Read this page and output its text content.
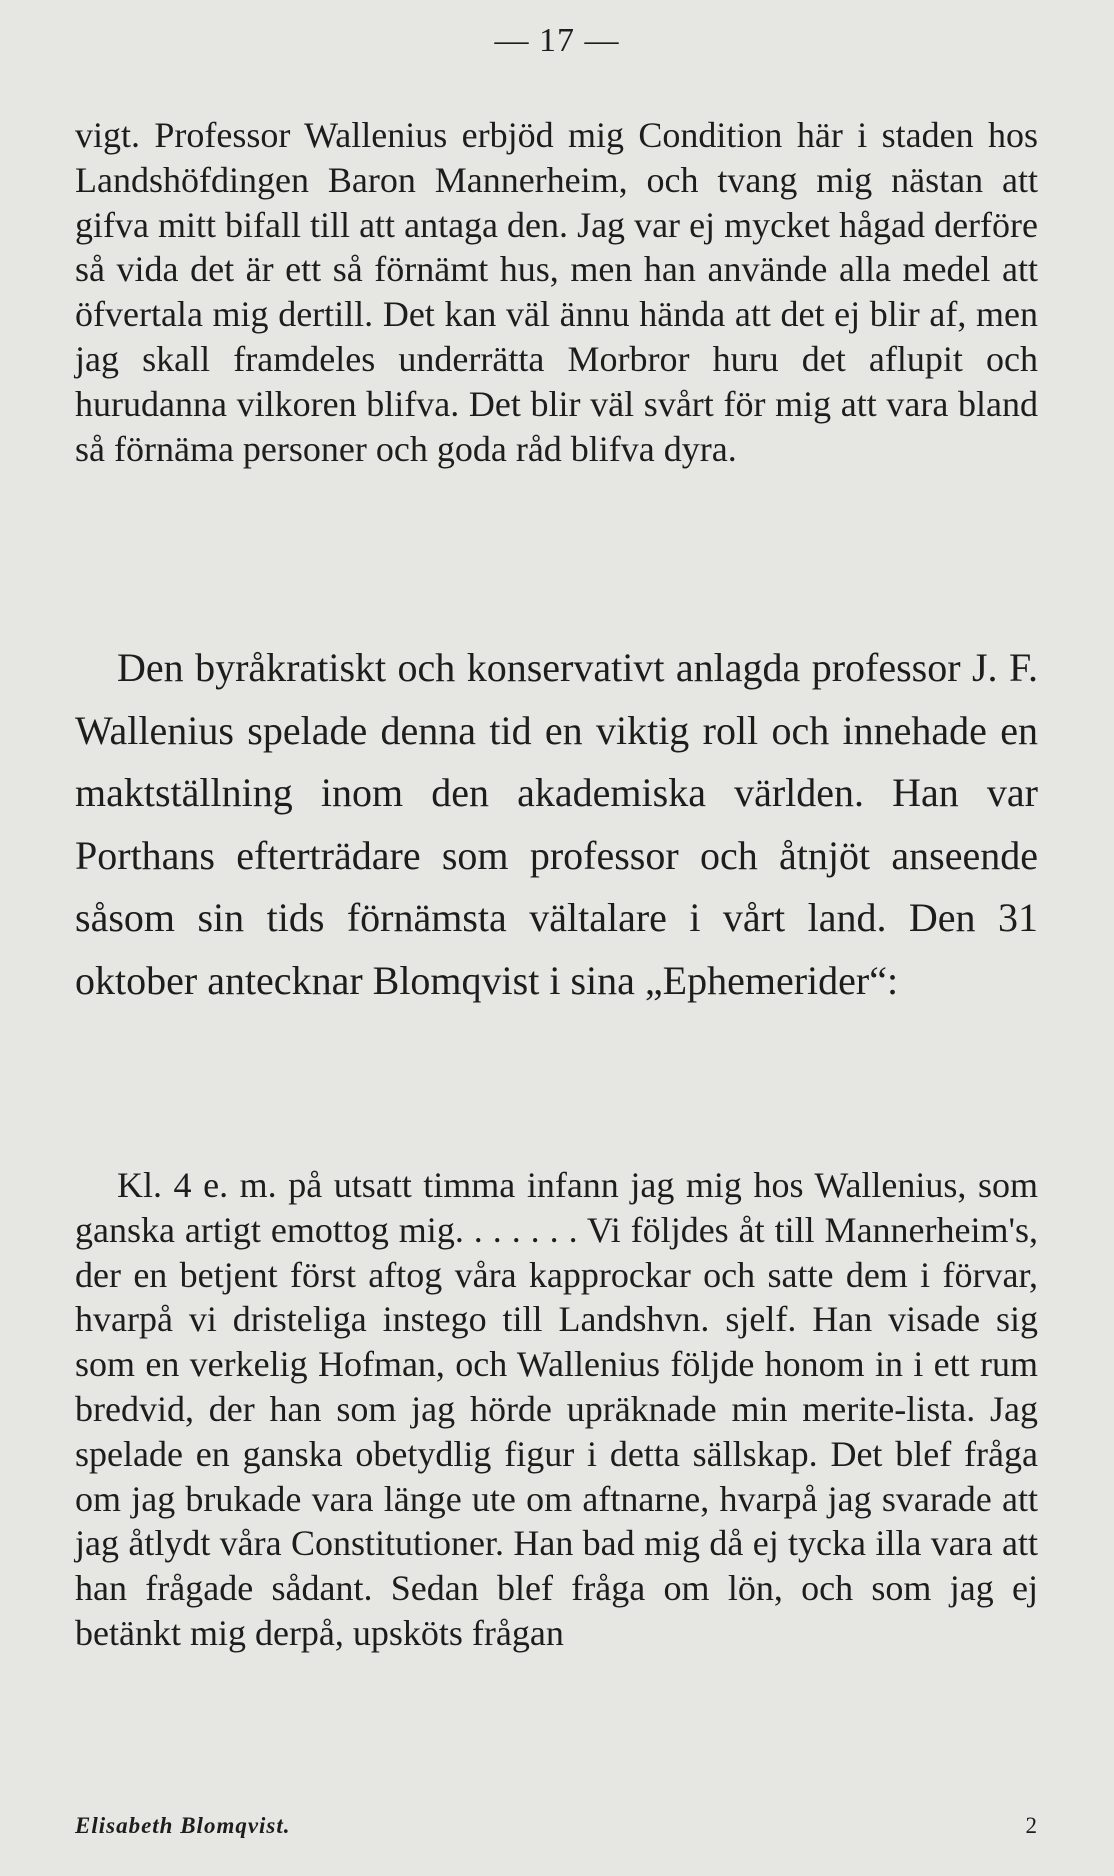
— 17 —

vigt. Professor Wallenius erbjöd mig Condition här i staden hos Landshöfdingen Baron Mannerheim, och tvang mig nästan att gifva mitt bifall till att antaga den. Jag var ej mycket hågad derföre så vida det är ett så förnämt hus, men han använde alla medel att öfvertala mig dertill. Det kan väl ännu hända att det ej blir af, men jag skall framdeles underrätta Morbror huru det aflupit och hurudanna vilkoren blifva. Det blir väl svårt för mig att vara bland så förnäma personer och goda råd blifva dyra.

Den byråkratiskt och konservativt anlagda professor J. F. Wallenius spelade denna tid en viktig roll och innehade en maktställning inom den akademiska världen. Han var Porthans efterträdare som professor och åtnjöt anseende såsom sin tids förnämsta vältalare i vårt land. Den 31 oktober antecknar Blomqvist i sina „Ephemerider“:

Kl. 4 e. m. på utsatt timma infann jag mig hos Wallenius, som ganska artigt emottog mig. . . . . . . Vi följdes åt till Mannerheim's, der en betjent först aftog våra kapprockar och satte dem i förvar, hvarpå vi dristeliga instego till Landshvn. sjelf. Han visade sig som en verkelig Hofman, och Wallenius följde honom in i ett rum bredvid, der han som jag hörde upräknade min merite-lista. Jag spelade en ganska obetydlig figur i detta sällskap. Det blef fråga om jag brukade vara länge ute om aftnarne, hvarpå jag svarade att jag åtlydt våra Constitutioner. Han bad mig då ej tycka illa vara att han frågade sådant. Sedan blef fråga om lön, och som jag ej betänkt mig derpå, upsköts frågan

Elisabeth Blomqvist.	2
